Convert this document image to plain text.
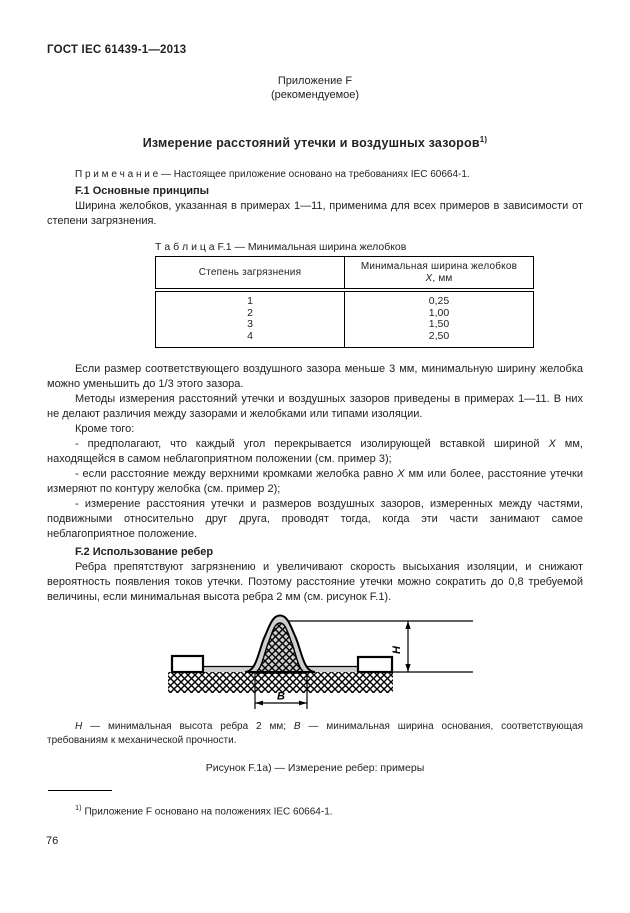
ГОСТ IEC 61439-1—2013
Приложение F
(рекомендуемое)
Измерение расстояний утечки и воздушных зазоров$^{1)}$

П р и м е ч а н и е — Настоящее приложение основано на требованиях IEC 60664-1.

F.1 Основные принципы

Ширина желобков, указанная в примерах 1—11, применима для всех примеров в зависимости от степени загрязнения.

Т а б л и ц а F.1 — Минимальная ширина желобков

Степень загрязнения	Минимальная ширина желобков X, мм
1	0,25
2	1,00
3	1,50
4	2,50

Если размер соответствующего воздушного зазора меньше 3 мм, минимальную ширину желобка можно уменьшить до 1/3 этого зазора.

Методы измерения расстояний утечки и воздушных зазоров приведены в примерах 1—11. В них не делают различия между зазорами и желобками или типами изоляции.

Кроме того:

- предполагают, что каждый угол перекрывается изолирующей вставкой шириной X мм, находящейся в самом неблагоприятном положении (см. пример 3);

- если расстояние между верхними кромками желобка равно X мм или более, расстояние утечки измеряют по контуру желобка (см. пример 2);

- измерение расстояния утечки и размеров воздушных зазоров, измеренных между частями, подвижными относительно друг друга, проводят тогда, когда эти части занимают самое неблагоприятное положение.

F.2 Использование ребер

Ребра препятствуют загрязнению и увеличивают скорость высыхания изоляции, и снижают вероятность появления токов утечки. Поэтому расстояние утечки можно сократить до 0,8 требуемой величины, если минимальная высота ребра 2 мм (см. рисунок F.1).

H
B

H — минимальная высота ребра 2 мм; B — минимальная ширина основания, соответствующая требованиям к механической прочности.

Рисунок F.1a) — Измерение ребер: примеры

$^{1)}$ Приложение F основано на положениях IEC 60664-1.

76
